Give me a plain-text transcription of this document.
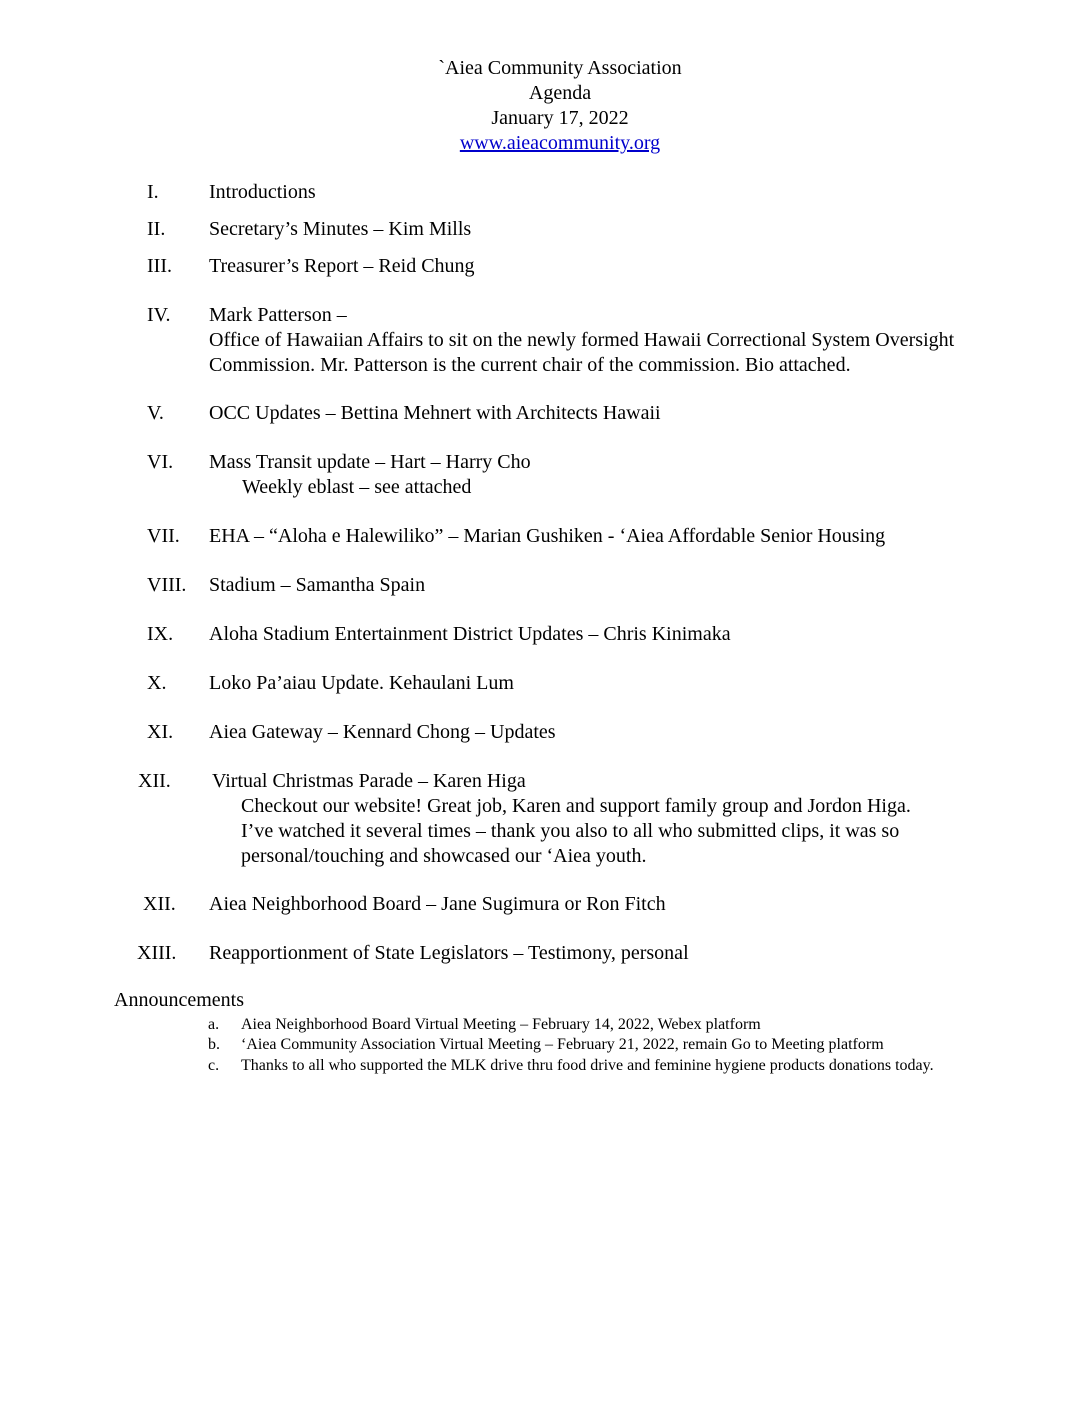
`Aiea Community Association
Agenda
January 17, 2022
www.aieacommunity.org
I.	Introductions
II. Secretary’s Minutes – Kim Mills
III. Treasurer’s Report – Reid Chung
IV. Mark Patterson –
Office of Hawaiian Affairs to sit on the newly formed Hawaii Correctional System Oversight
Commission. Mr. Patterson is the current chair of the commission. Bio attached.
V. OCC Updates – Bettina Mehnert with Architects Hawaii
VI. Mass Transit update – Hart – Harry Cho
Weekly eblast – see attached
VII. EHA – “Aloha e Halewiliko” – Marian Gushiken - ‘Aiea Affordable Senior Housing
VIII. Stadium – Samantha Spain
IX. Aloha Stadium Entertainment District Updates – Chris Kinimaka
X. Loko Pa’aiau Update. Kehaulani Lum
XI. Aiea Gateway – Kennard Chong – Updates
XII. Virtual Christmas Parade – Karen Higa
Checkout our website! Great job, Karen and support family group and Jordon Higa.
I’ve watched it several times – thank you also to all who submitted clips, it was so
personal/touching and showcased our ‘Aiea youth.
XII. Aiea Neighborhood Board – Jane Sugimura or Ron Fitch
XIII. Reapportionment of State Legislators – Testimony, personal
Announcements
a. Aiea Neighborhood Board Virtual Meeting – February 14, 2022, Webex platform
b. ‘Aiea Community Association Virtual Meeting – February 21, 2022, remain Go to Meeting platform
c. Thanks to all who supported the MLK drive thru food drive and feminine hygiene products donations today.
